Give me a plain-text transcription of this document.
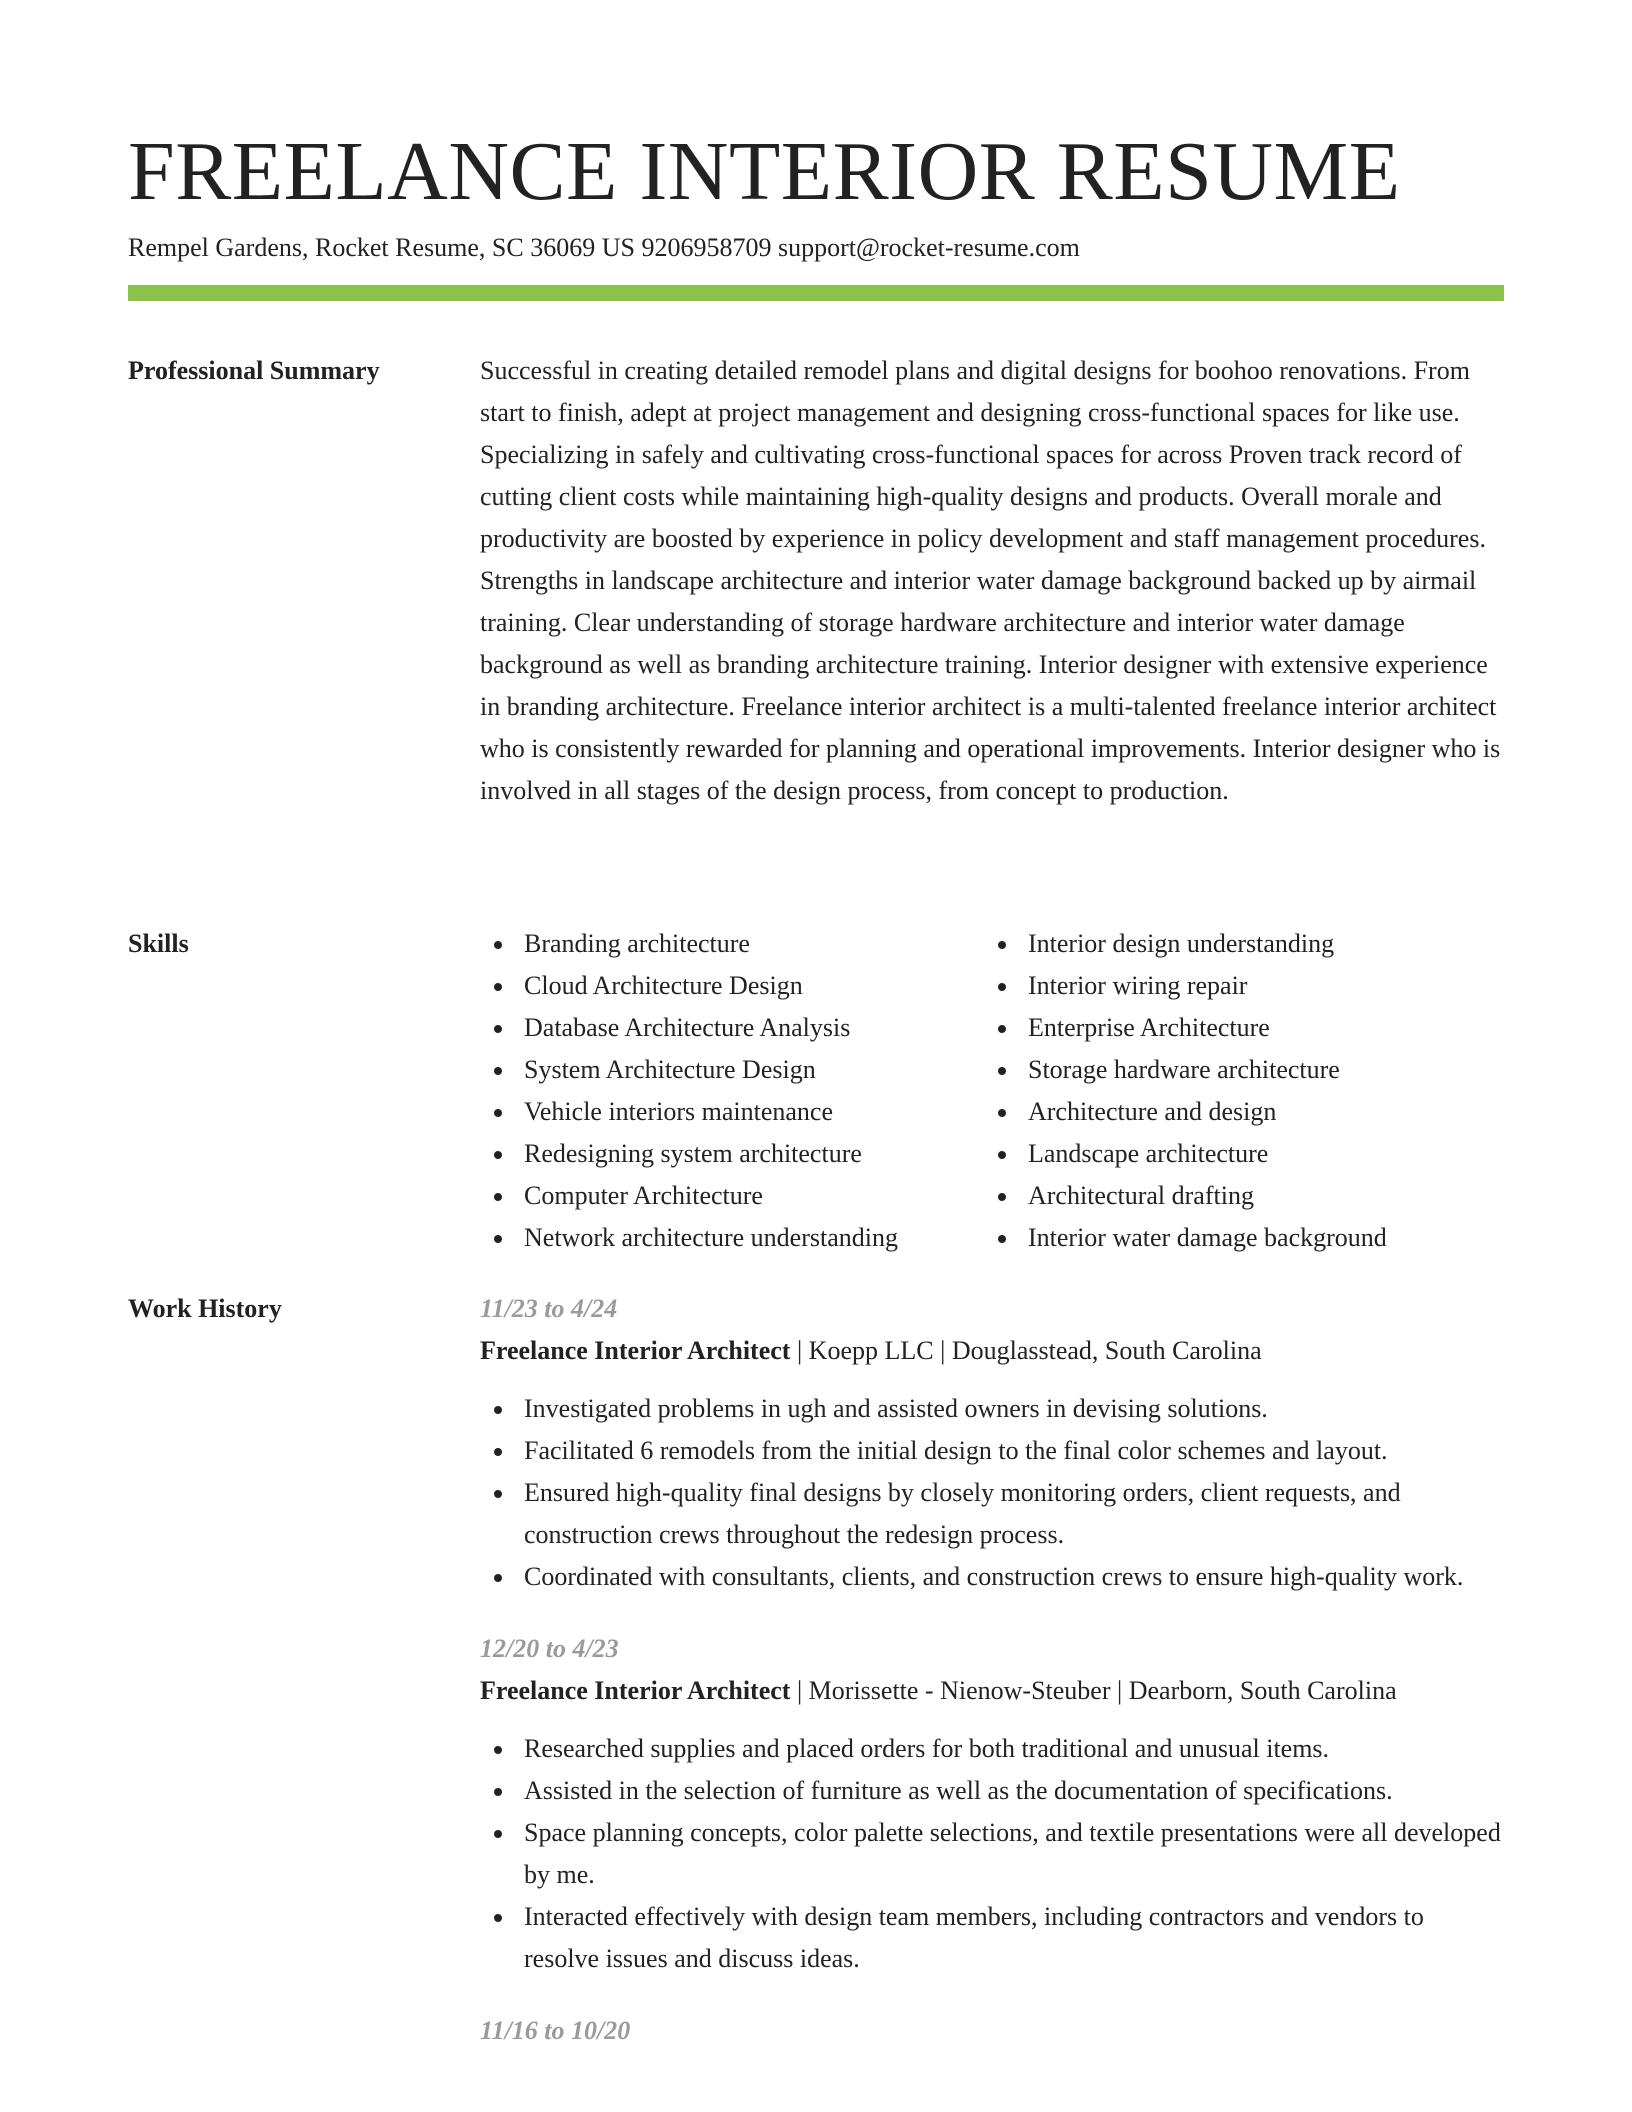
FREELANCE INTERIOR RESUME
Rempel Gardens, Rocket Resume, SC 36069 US 9206958709 support@rocket-resume.com
Professional Summary	Successful in creating detailed remodel plans and digital designs for boohoo renovations. From start to finish, adept at project management and designing cross-functional spaces for like use. Specializing in safely and cultivating cross-functional spaces for across Proven track record of cutting client costs while maintaining high-quality designs and products. Overall morale and productivity are boosted by experience in policy development and staff management procedures. Strengths in landscape architecture and interior water damage background backed up by airmail training. Clear understanding of storage hardware architecture and interior water damage background as well as branding architecture training. Interior designer with extensive experience in branding architecture. Freelance interior architect is a multi-talented freelance interior architect who is consistently rewarded for planning and operational improvements. Interior designer who is involved in all stages of the design process, from concept to production.

Skills	Branding architecture
Cloud Architecture Design
Database Architecture Analysis
System Architecture Design
Vehicle interiors maintenance
Redesigning system architecture
Computer Architecture
Network architecture understanding
Interior design understanding
Interior wiring repair
Enterprise Architecture
Storage hardware architecture
Architecture and design
Landscape architecture
Architectural drafting
Interior water damage background
Work History	11/23 to 4/24
Freelance Interior Architect | Koepp LLC | Douglasstead, South Carolina
Investigated problems in ugh and assisted owners in devising solutions.
Facilitated 6 remodels from the initial design to the final color schemes and layout.
Ensured high-quality final designs by closely monitoring orders, client requests, and construction crews throughout the redesign process.
Coordinated with consultants, clients, and construction crews to ensure high-quality work.
12/20 to 4/23
Freelance Interior Architect | Morissette - Nienow-Steuber | Dearborn, South Carolina
Researched supplies and placed orders for both traditional and unusual items.
Assisted in the selection of furniture as well as the documentation of specifications.
Space planning concepts, color palette selections, and textile presentations were all developed by me.
Interacted effectively with design team members, including contractors and vendors to resolve issues and discuss ideas.
11/16 to 10/20
